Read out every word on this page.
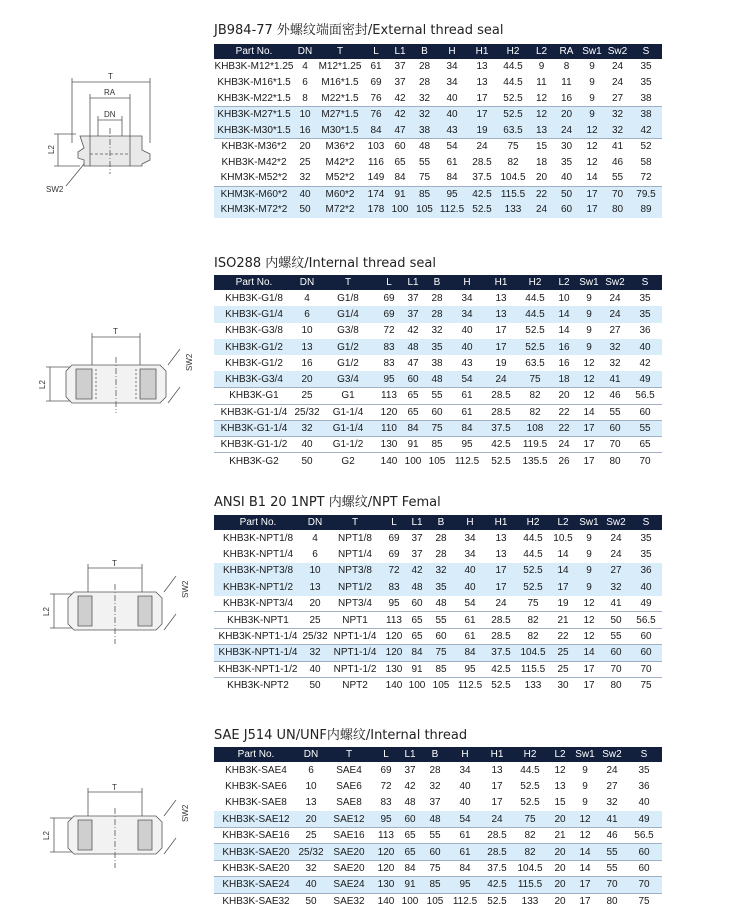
JB984-77 外螺纹端面密封/External thread seal
T
RA
DN
L2
SW2
Part No.	DN	T	L	L1	B	H	H1	H2	L2	RA	Sw1	Sw2	S
KHB3K-M12*1.25	4	M12*1.25	61	37	28	34	13	44.5	9	8	9	24	35
KHB3K-M16*1.5	6	M16*1.5	69	37	28	34	13	44.5	11	11	9	24	35
KHB3K-M22*1.5	8	M22*1.5	76	42	32	40	17	52.5	12	16	9	27	38
KHB3K-M27*1.5	10	M27*1.5	76	42	32	40	17	52.5	12	20	9	32	38
KHB3K-M30*1.5	16	M30*1.5	84	47	38	43	19	63.5	13	24	12	32	42
KHB3K-M36*2	20	M36*2	103	60	48	54	24	75	15	30	12	41	52
KHB3K-M42*2	25	M42*2	116	65	55	61	28.5	82	18	35	12	46	58
KHM3K-M52*2	32	M52*2	149	84	75	84	37.5	104.5	20	40	14	55	72
KHM3K-M60*2	40	M60*2	174	91	85	95	42.5	115.5	22	50	17	70	79.5
KHM3K-M72*2	50	M72*2	178	100	105	112.5	52.5	133	24	60	17	80	89
ISO288 内螺纹/Internal thread seal
T
L2
SW2
Part No.	DN	T	L	L1	B	H	H1	H2	L2	Sw1	Sw2	S
KHB3K-G1/8	4	G1/8	69	37	28	34	13	44.5	10	9	24	35
KHB3K-G1/4	6	G1/4	69	37	28	34	13	44.5	14	9	24	35
KHB3K-G3/8	10	G3/8	72	42	32	40	17	52.5	14	9	27	36
KHB3K-G1/2	13	G1/2	83	48	35	40	17	52.5	16	9	32	40
KHB3K-G1/2	16	G1/2	83	47	38	43	19	63.5	16	12	32	42
KHB3K-G3/4	20	G3/4	95	60	48	54	24	75	18	12	41	49
KHB3K-G1	25	G1	113	65	55	61	28.5	82	20	12	46	56.5
KHB3K-G1-1/4	25/32	G1-1/4	120	65	60	61	28.5	82	22	14	55	60
KHB3K-G1-1/4	32	G1-1/4	110	84	75	84	37.5	108	22	17	60	55
KHB3K-G1-1/2	40	G1-1/2	130	91	85	95	42.5	119.5	24	17	70	65
KHB3K-G2	50	G2	140	100	105	112.5	52.5	135.5	26	17	80	70
ANSI B1 20 1NPT 内螺纹/NPT Femal
T
L2
SW2
Part No.	DN	T	L	L1	B	H	H1	H2	L2	Sw1	Sw2	S
KHB3K-NPT1/8	4	NPT1/8	69	37	28	34	13	44.5	10.5	9	24	35
KHB3K-NPT1/4	6	NPT1/4	69	37	28	34	13	44.5	14	9	24	35
KHB3K-NPT3/8	10	NPT3/8	72	42	32	40	17	52.5	14	9	27	36
KHB3K-NPT1/2	13	NPT1/2	83	48	35	40	17	52.5	17	9	32	40
KHB3K-NPT3/4	20	NPT3/4	95	60	48	54	24	75	19	12	41	49
KHB3K-NPT1	25	NPT1	113	65	55	61	28.5	82	21	12	50	56.5
KHB3K-NPT1-1/4	25/32	NPT1-1/4	120	65	60	61	28.5	82	22	12	55	60
KHB3K-NPT1-1/4	32	NPT1-1/4	120	84	75	84	37.5	104.5	25	14	60	60
KHB3K-NPT1-1/2	40	NPT1-1/2	130	91	85	95	42.5	115.5	25	17	70	70
KHB3K-NPT2	50	NPT2	140	100	105	112.5	52.5	133	30	17	80	75
SAE J514 UN/UNF内螺纹/Internal thread
T
L2
SW2
Part No.	DN	T	L	L1	B	H	H1	H2	L2	Sw1	Sw2	S
KHB3K-SAE4	6	SAE4	69	37	28	34	13	44.5	12	9	24	35
KHB3K-SAE6	10	SAE6	72	42	32	40	17	52.5	13	9	27	36
KHB3K-SAE8	13	SAE8	83	48	37	40	17	52.5	15	9	32	40
KHB3K-SAE12	20	SAE12	95	60	48	54	24	75	20	12	41	49
KHB3K-SAE16	25	SAE16	113	65	55	61	28.5	82	21	12	46	56.5
KHB3K-SAE20	25/32	SAE20	120	65	60	61	28.5	82	20	14	55	60
KHB3K-SAE20	32	SAE20	120	84	75	84	37.5	104.5	20	14	55	60
KHB3K-SAE24	40	SAE24	130	91	85	95	42.5	115.5	20	17	70	70
KHB3K-SAE32	50	SAE32	140	100	105	112.5	52.5	133	20	17	80	75
